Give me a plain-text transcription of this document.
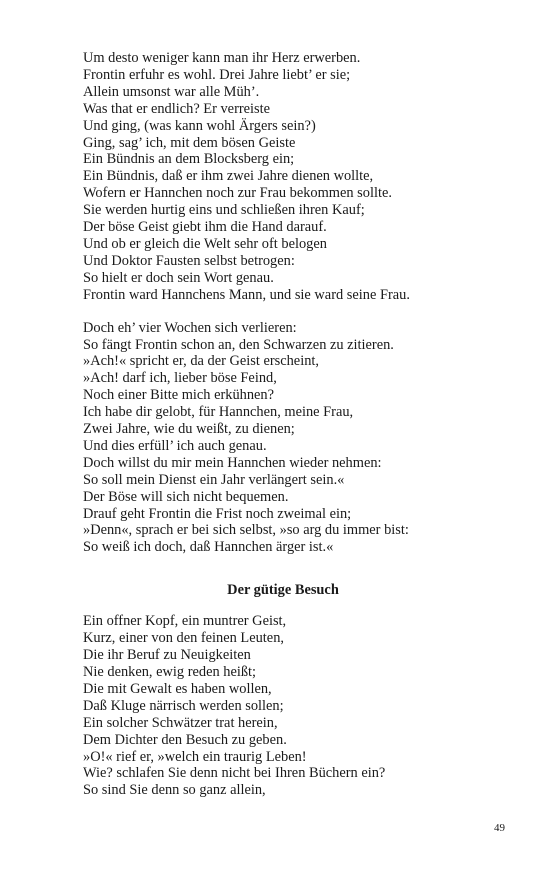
Um desto weniger kann man ihr Herz erwerben.
Frontin erfuhr es wohl. Drei Jahre liebt’ er sie;
Allein umsonst war alle Müh’.
Was that er endlich? Er verreiste
Und ging, (was kann wohl Ärgers sein?)
Ging, sag’ ich, mit dem bösen Geiste
Ein Bündnis an dem Blocksberg ein;
Ein Bündnis, daß er ihm zwei Jahre dienen wollte,
Wofern er Hannchen noch zur Frau bekommen sollte.
Sie werden hurtig eins und schließen ihren Kauf;
Der böse Geist giebt ihm die Hand darauf.
Und ob er gleich die Welt sehr oft belogen
Und Doktor Fausten selbst betrogen:
So hielt er doch sein Wort genau.
Frontin ward Hannchens Mann, und sie ward seine Frau.
Doch eh’ vier Wochen sich verlieren:
So fängt Frontin schon an, den Schwarzen zu zitieren.
»Ach!« spricht er, da der Geist erscheint,
»Ach! darf ich, lieber böse Feind,
Noch einer Bitte mich erkühnen?
Ich habe dir gelobt, für Hannchen, meine Frau,
Zwei Jahre, wie du weißt, zu dienen;
Und dies erfüll’ ich auch genau.
Doch willst du mir mein Hannchen wieder nehmen:
So soll mein Dienst ein Jahr verlängert sein.«
Der Böse will sich nicht bequemen.
Drauf geht Frontin die Frist noch zweimal ein;
»Denn«, sprach er bei sich selbst, »so arg du immer bist:
So weiß ich doch, daß Hannchen ärger ist.«
Der gütige Besuch
Ein offner Kopf, ein muntrer Geist,
Kurz, einer von den feinen Leuten,
Die ihr Beruf zu Neuigkeiten
Nie denken, ewig reden heißt;
Die mit Gewalt es haben wollen,
Daß Kluge närrisch werden sollen;
Ein solcher Schwätzer trat herein,
Dem Dichter den Besuch zu geben.
»O!« rief er, »welch ein traurig Leben!
Wie? schlafen Sie denn nicht bei Ihren Büchern ein?
So sind Sie denn so ganz allein,
49
